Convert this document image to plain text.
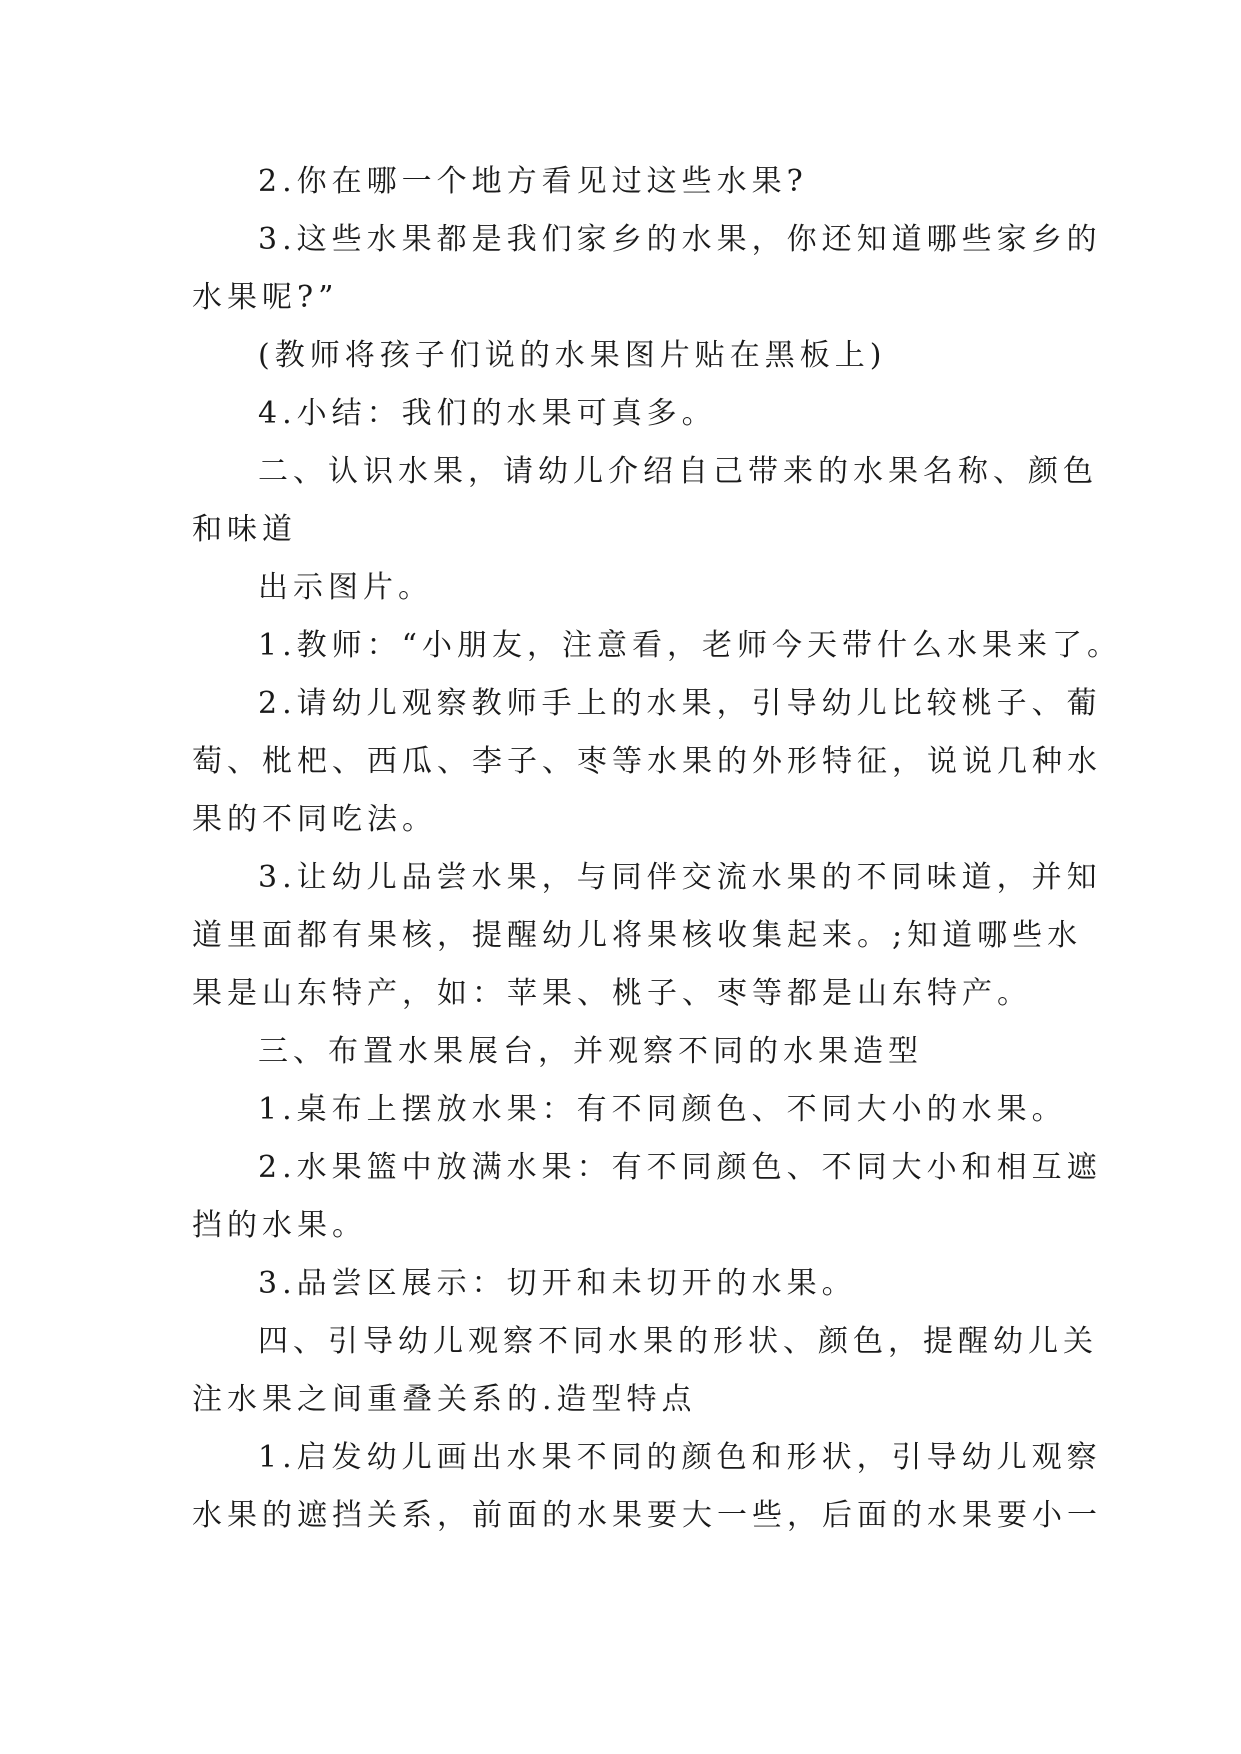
2.你在哪一个地方看见过这些水果?
3.这些水果都是我们家乡的水果，你还知道哪些家乡的
水果呢?”
(教师将孩子们说的水果图片贴在黑板上)
4.小结：我们的水果可真多。
二、认识水果，请幼儿介绍自己带来的水果名称、颜色
和味道
出示图片。
1.教师：“小朋友，注意看，老师今天带什么水果来了。
2.请幼儿观察教师手上的水果，引导幼儿比较桃子、葡
萄、枇杷、西瓜、李子、枣等水果的外形特征，说说几种水
果的不同吃法。
3.让幼儿品尝水果，与同伴交流水果的不同味道，并知
道里面都有果核，提醒幼儿将果核收集起来。;知道哪些水
果是山东特产，如：苹果、桃子、枣等都是山东特产。
三、布置水果展台，并观察不同的水果造型
1.桌布上摆放水果：有不同颜色、不同大小的水果。
2.水果篮中放满水果：有不同颜色、不同大小和相互遮
挡的水果。
3.品尝区展示：切开和未切开的水果。
四、引导幼儿观察不同水果的形状、颜色，提醒幼儿关
注水果之间重叠关系的.造型特点
1.启发幼儿画出水果不同的颜色和形状，引导幼儿观察
水果的遮挡关系，前面的水果要大一些，后面的水果要小一
